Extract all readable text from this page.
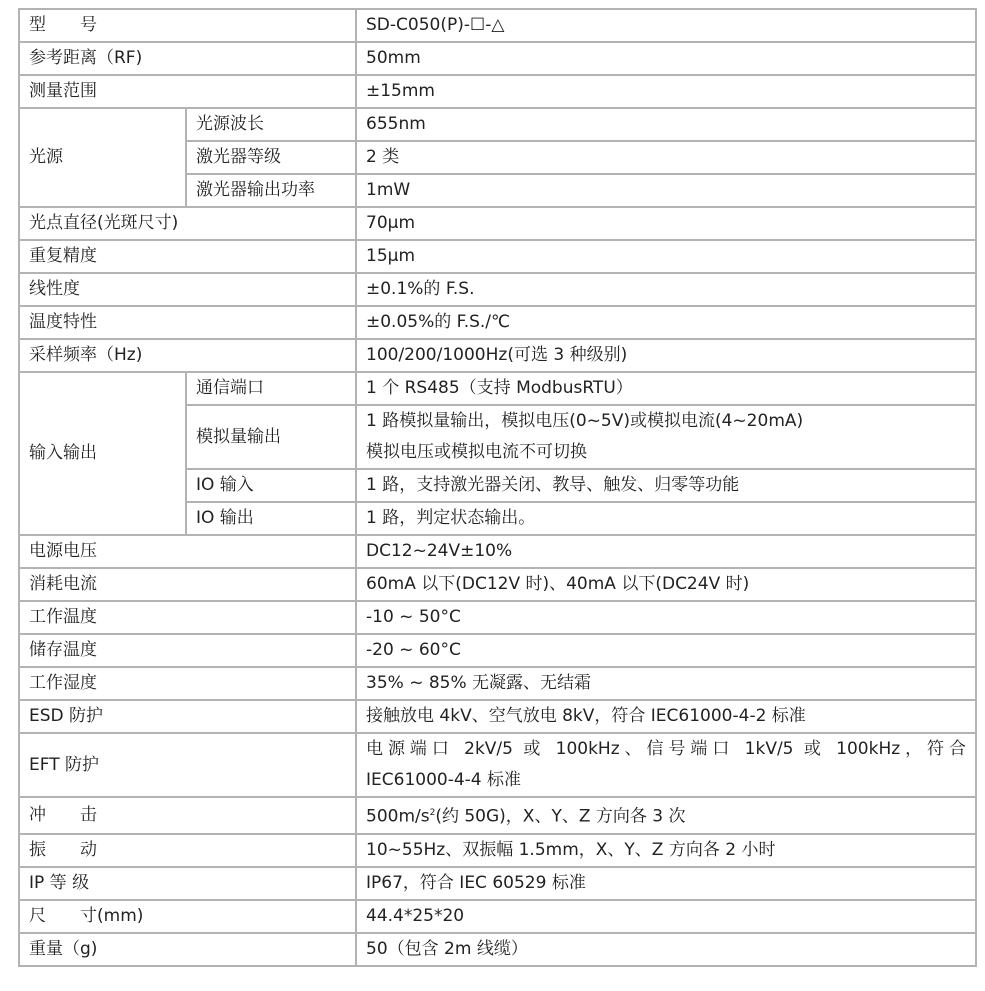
型　　号		SD-C050(P)-☐-△
参考距离（RF)		50mm
测量范围		±15mm
光源	光源波长	655nm
	激光器等级	2 类
	激光器输出功率	1mW
光点直径(光斑尺寸)		70μm
重复精度		15μm
线性度		±0.1%的 F.S.
温度特性		±0.05%的 F.S./℃
采样频率（Hz)		100/200/1000Hz(可选 3 种级别)
输入输出	通信端口	1 个 RS485（支持 ModbusRTU）
	模拟量输出	1 路模拟量输出，模拟电压(0~5V)或模拟电流(4~20mA)
模拟电压或模拟电流不可切换

	IO 输入	1 路，支持激光器关闭、教导、触发、归零等功能
	IO 输出	1 路，判定状态输出。
电源电压		DC12~24V±10%
消耗电流		60mA 以下(DC12V 时)、40mA 以下(DC24V 时)
工作温度		-10 ~ 50°C
储存温度		-20 ~ 60°C
工作湿度		35% ~ 85% 无凝露、无结霜
ESD 防护		接触放电 4kV、空气放电 8kV，符合 IEC61000-4-2 标准
EFT 防护		电源端口 2kV/5 或 100kHz、信号端口 1kV/5 或 100kHz，符合
IEC61000-4-4 标准

冲　　击		$500m/s^2$(约 50G)，X、Y、Z 方向各 3 次
振　　动		10~55Hz、双振幅 1.5mm，X、Y、Z 方向各 2 小时
IP 等 级		IP67，符合 IEC 60529 标准
尺　　寸(mm)		44.4*25*20
重量（g)		50（包含 2m 线缆）
